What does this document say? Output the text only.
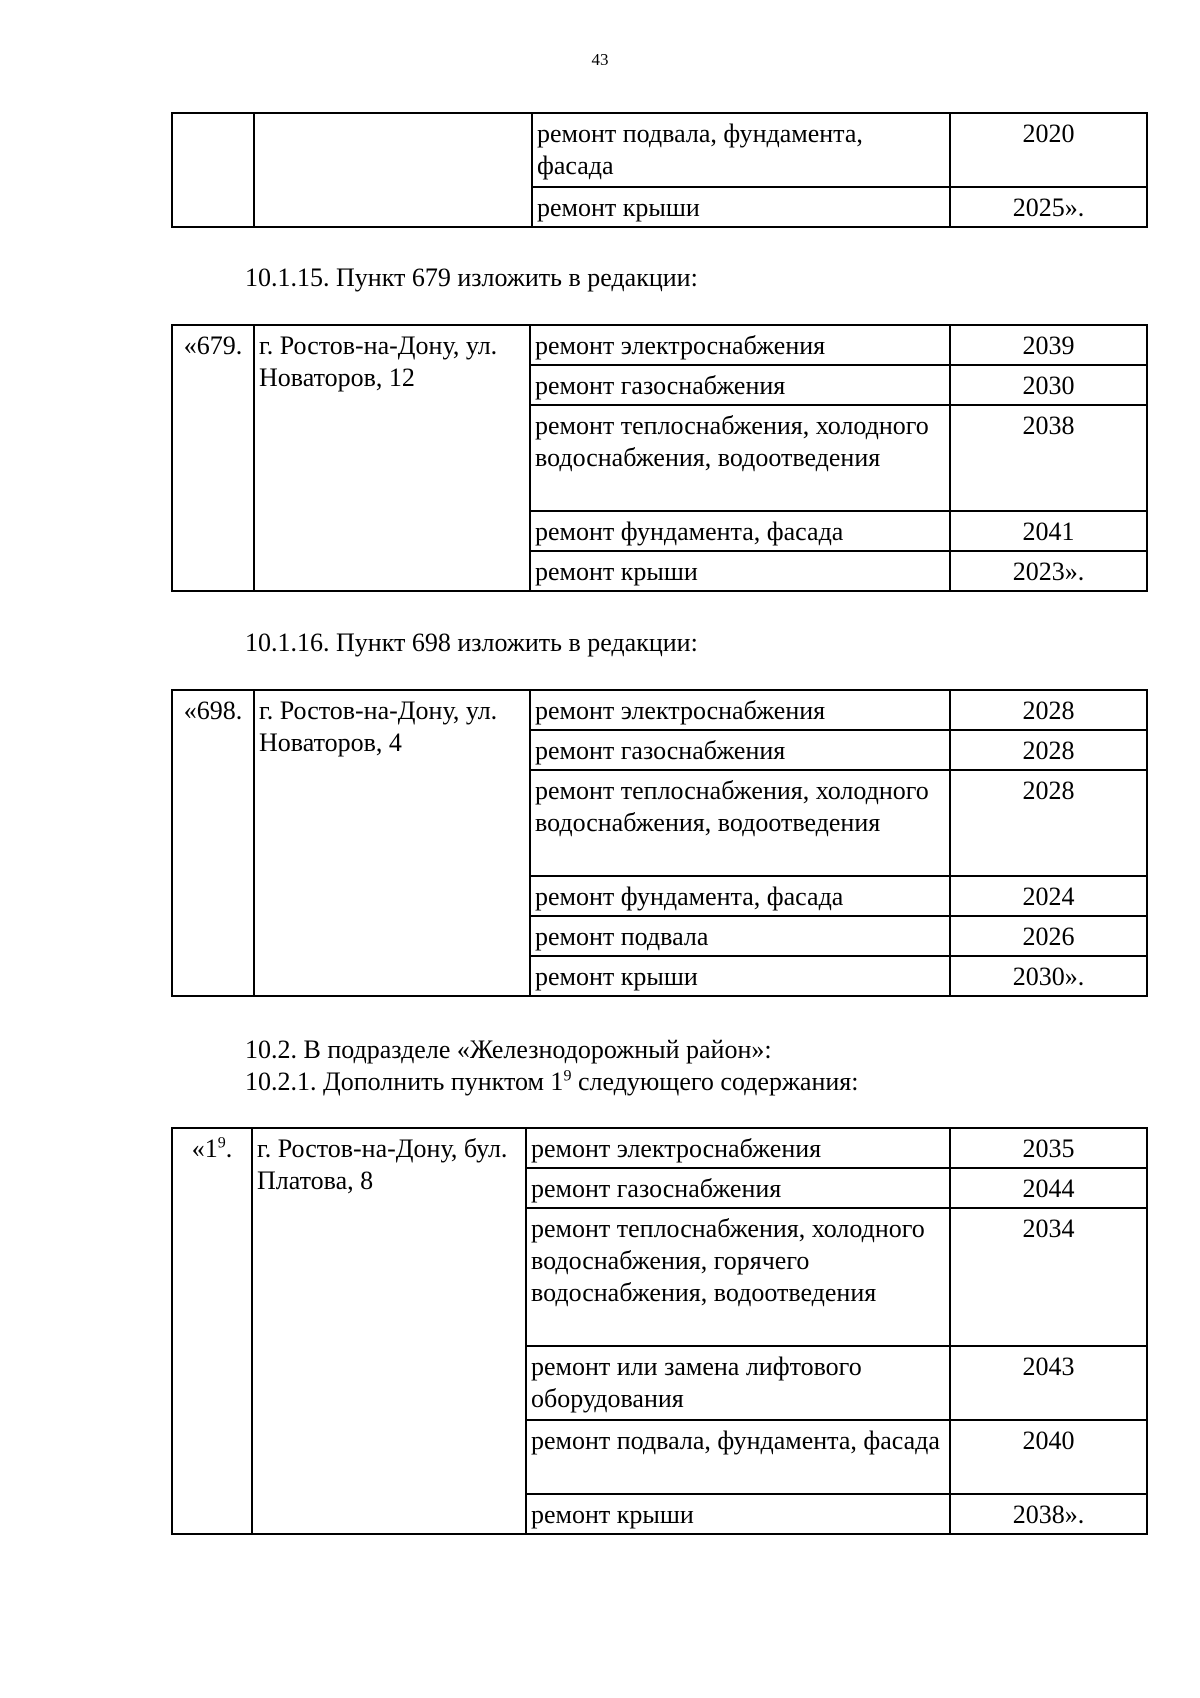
43
		ремонт подвала, фундамента, фасада	2020
		ремонт крыши	2025».
10.1.15. Пункт 679 изложить в редакции:
«679.	г. Ростов-на-Дону, ул. Новаторов, 12	ремонт электроснабжения	2039
		ремонт газоснабжения	2030
		ремонт теплоснабжения, холодного водоснабжения, водоотведения	2038
		ремонт фундамента, фасада	2041
		ремонт крыши	2023».
10.1.16. Пункт 698 изложить в редакции:
«698.	г. Ростов-на-Дону, ул. Новаторов, 4	ремонт электроснабжения	2028
		ремонт газоснабжения	2028
		ремонт теплоснабжения, холодного водоснабжения, водоотведения	2028
		ремонт фундамента, фасада	2024
		ремонт подвала	2026
		ремонт крыши	2030».
10.2. В подразделе «Железнодорожный район»:
10.2.1. Дополнить пунктом $1^9$ следующего содержания:
«$1^9$.	г. Ростов-на-Дону, бул. Платова, 8	ремонт электроснабжения	2035
		ремонт газоснабжения	2044
		ремонт теплоснабжения, холодного водоснабжения, горячего водоснабжения, водоотведения	2034
		ремонт или замена лифтового оборудования	2043
		ремонт подвала, фундамента, фасада	2040
		ремонт крыши	2038».
